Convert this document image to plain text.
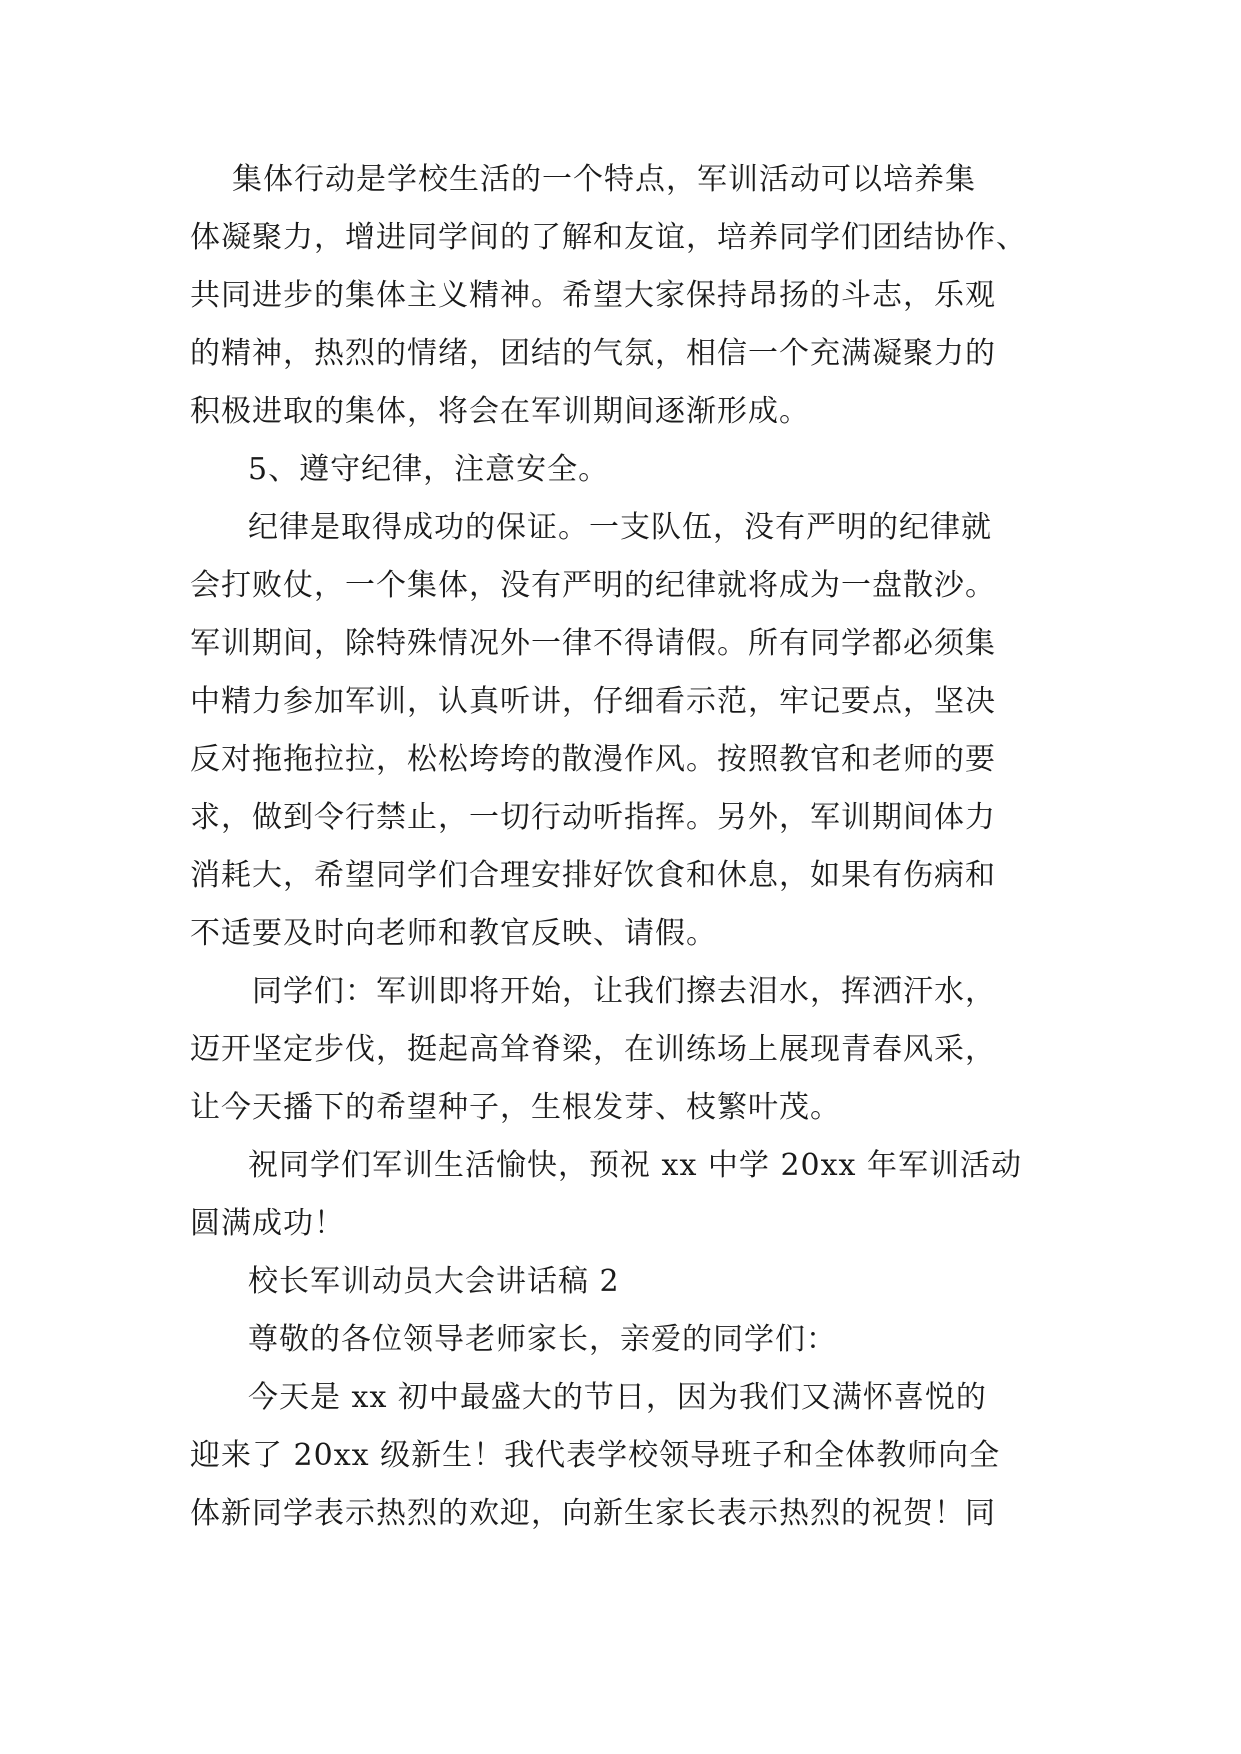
集体行动是学校生活的一个特点，军训活动可以培养集
体凝聚力，增进同学间的了解和友谊，培养同学们团结协作、
共同进步的集体主义精神。希望大家保持昂扬的斗志，乐观
的精神，热烈的情绪，团结的气氛，相信一个充满凝聚力的
积极进取的集体，将会在军训期间逐渐形成。
5、遵守纪律，注意安全。
纪律是取得成功的保证。一支队伍，没有严明的纪律就
会打败仗，一个集体，没有严明的纪律就将成为一盘散沙。
军训期间，除特殊情况外一律不得请假。所有同学都必须集
中精力参加军训，认真听讲，仔细看示范，牢记要点，坚决
反对拖拖拉拉，松松垮垮的散漫作风。按照教官和老师的要
求，做到令行禁止，一切行动听指挥。另外，军训期间体力
消耗大，希望同学们合理安排好饮食和休息，如果有伤病和
不适要及时向老师和教官反映、请假。
同学们：军训即将开始，让我们擦去泪水，挥洒汗水，
迈开坚定步伐，挺起高耸脊梁，在训练场上展现青春风采，
让今天播下的希望种子，生根发芽、枝繁叶茂。
祝同学们军训生活愉快，预祝 xx 中学 20xx 年军训活动
圆满成功！
校长军训动员大会讲话稿 2
尊敬的各位领导老师家长，亲爱的同学们：
今天是 xx 初中最盛大的节日，因为我们又满怀喜悦的
迎来了 20xx 级新生！我代表学校领导班子和全体教师向全
体新同学表示热烈的欢迎，向新生家长表示热烈的祝贺！同
